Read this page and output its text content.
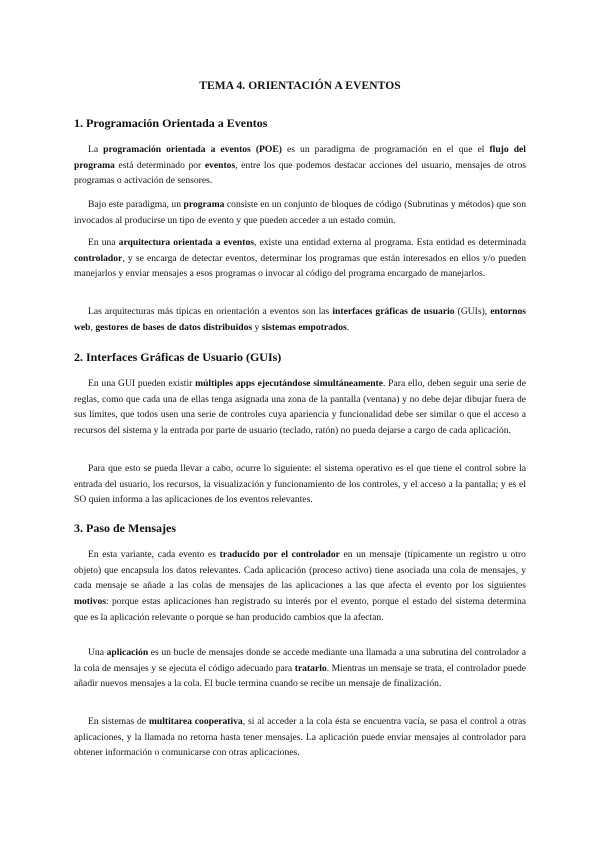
TEMA 4. ORIENTACIÓN A EVENTOS
1. Programación Orientada a Eventos

La programación orientada a eventos (POE) es un paradigma de programación en el que el flujo del programa está determinado por eventos, entre los que podemos destacar acciones del usuario, mensajes de otros programas o activación de sensores.

Bajo este paradigma, un programa consiste en un conjunto de bloques de código (Subrutinas y métodos) que son invocados al producirse un tipo de evento y que pueden acceder a un estado común.

En una arquitectura orientada a eventos, existe una entidad externa al programa. Esta entidad es determinada controlador, y se encarga de detectar eventos, determinar los programas que están interesados en ellos y/o pueden manejarlos y enviar mensajes a esos programas o invocar al código del programa encargado de manejarlos.

Las arquitecturas más típicas en orientación a eventos son las interfaces gráficas de usuario (GUIs), entornos web, gestores de bases de datos distribuidos y sistemas empotrados.

2. Interfaces Gráficas de Usuario (GUIs)

En una GUI pueden existir múltiples apps ejecutándose simultáneamente. Para ello, deben seguir una serie de reglas, como que cada una de ellas tenga asignada una zona de la pantalla (ventana) y no debe dejar dibujar fuera de sus límites, que todos usen una serie de controles cuya apariencia y funcionalidad debe ser similar o que el acceso a recursos del sistema y la entrada por parte de usuario (teclado, ratón) no pueda dejarse a cargo de cada aplicación.

Para que esto se pueda llevar a cabo, ocurre lo siguiente: el sistema operativo es el que tiene el control sobre la entrada del usuario, los recursos, la visualización y funcionamiento de los controles, y el acceso a la pantalla; y es el SO quien informa a las aplicaciones de los eventos relevantes.

3. Paso de Mensajes

En esta variante, cada evento es traducido por el controlador en un mensaje (típicamente un registro u otro objeto) que encapsula los datos relevantes. Cada aplicación (proceso activo) tiene asociada una cola de mensajes, y cada mensaje se añade a las colas de mensajes de las aplicaciones a las que afecta el evento por los siguientes motivos: porque estas aplicaciones han registrado su interés por el evento, porque el estado del sistema determina que es la aplicación relevante o porque se han producido cambios que la afectan.

Una aplicación es un bucle de mensajes donde se accede mediante una llamada a una subrutina del controlador a la cola de mensajes y se ejecuta el código adecuado para tratarlo. Mientras un mensaje se trata, el controlador puede añadir nuevos mensajes a la cola. El bucle termina cuando se recibe un mensaje de finalización.

En sistemas de multitarea cooperativa, si al acceder a la cola ésta se encuentra vacía, se pasa el control a otras aplicaciones, y la llamada no retorna hasta tener mensajes. La aplicación puede enviar mensajes al controlador para obtener información o comunicarse con otras aplicaciones.
